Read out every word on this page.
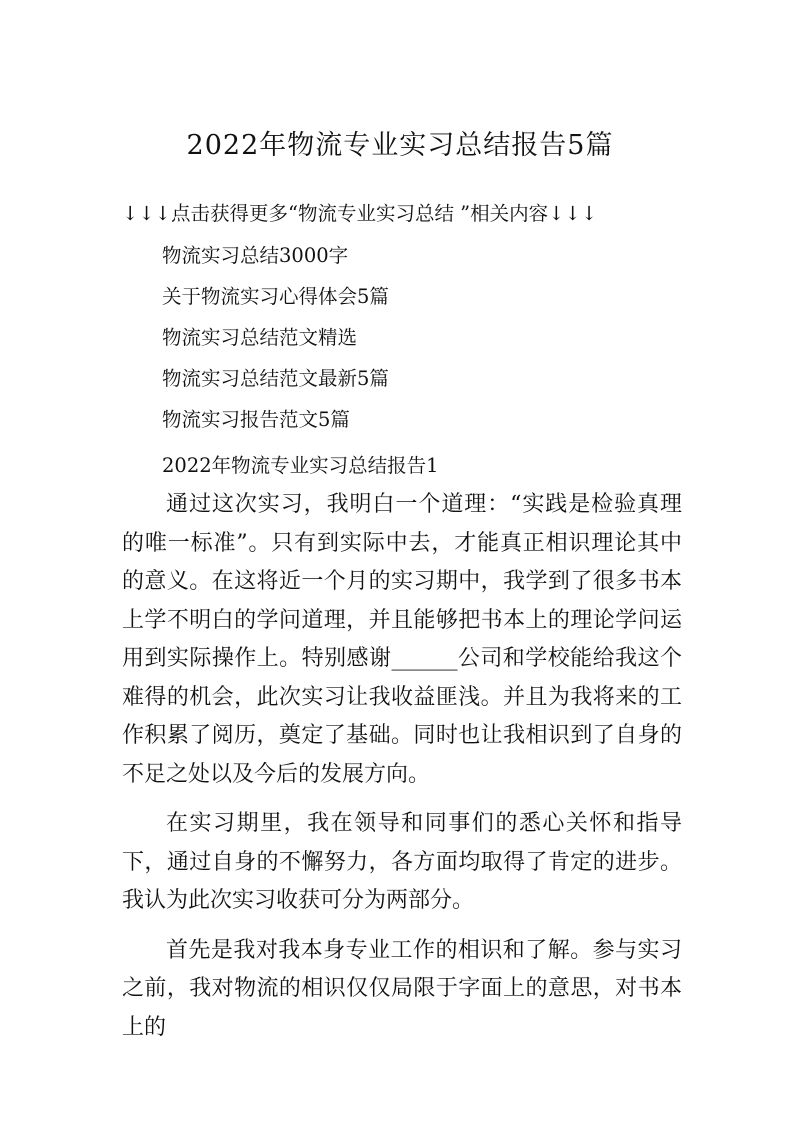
2022年物流专业实习总结报告5篇
↓↓↓点击获得更多“物流专业实习总结 ”相关内容↓↓↓
物流实习总结3000字
关于物流实习心得体会5篇
物流实习总结范文精选
物流实习总结范文最新5篇
物流实习报告范文5篇
2022年物流专业实习总结报告1

通过这次实习，我明白一个道理：“实践是检验真理的唯一标准”。只有到实际中去，才能真正相识理论其中的意义。在这将近一个月的实习期中，我学到了很多书本上学不明白的学问道理，并且能够把书本上的理论学问运用到实际操作上。特别感谢______公司和学校能给我这个难得的机会，此次实习让我收益匪浅。并且为我将来的工作积累了阅历，奠定了基础。同时也让我相识到了自身的不足之处以及今后的发展方向。

在实习期里，我在领导和同事们的悉心关怀和指导下，通过自身的不懈努力，各方面均取得了肯定的进步。我认为此次实习收获可分为两部分。

首先是我对我本身专业工作的相识和了解。参与实习之前，我对物流的相识仅仅局限于字面上的意思，对书本上的
